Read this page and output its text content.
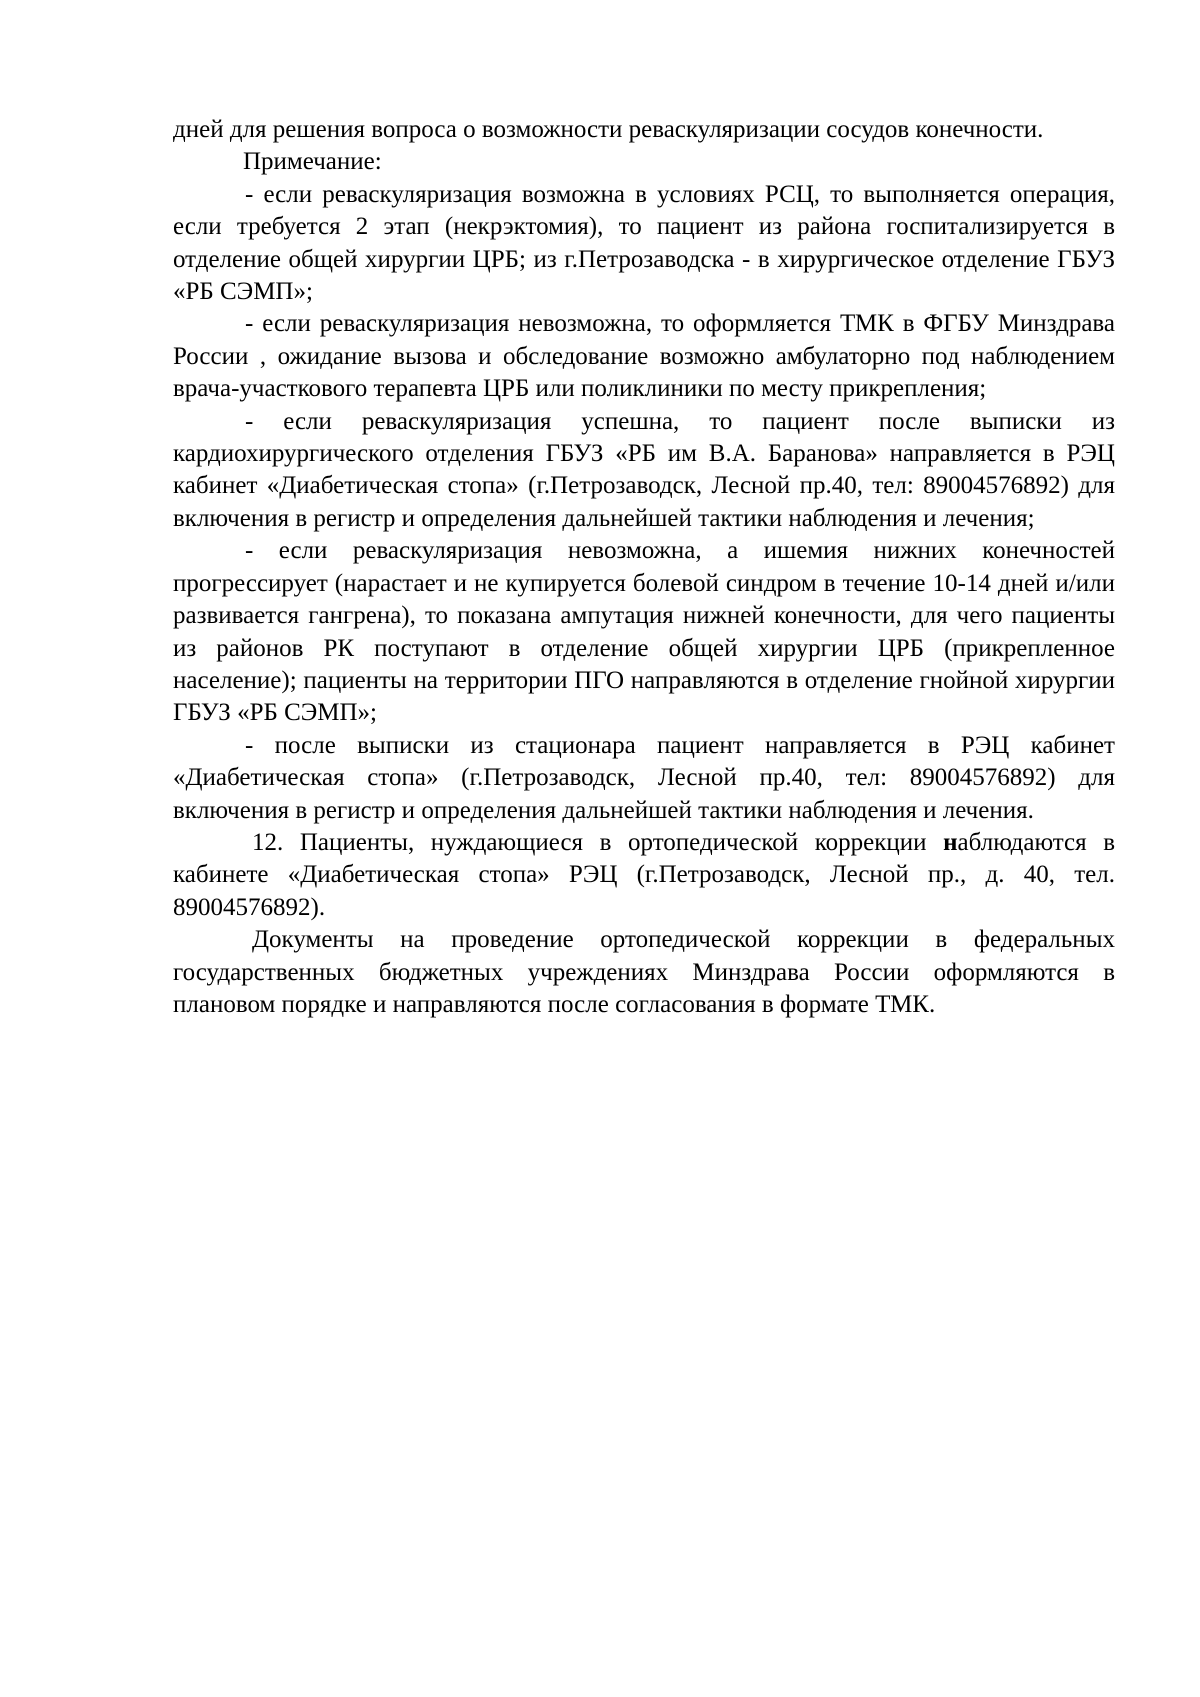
дней для решения вопроса о возможности реваскуляризации сосудов конечности.

Примечание:

- если реваскуляризация возможна в условиях РСЦ, то выполняется операция, если требуется 2 этап (некрэктомия), то пациент из района госпитализируется в отделение общей хирургии ЦРБ; из г.Петрозаводска - в хирургическое отделение ГБУЗ «РБ СЭМП»;

- если реваскуляризация невозможна, то оформляется ТМК в ФГБУ Минздрава России , ожидание вызова и обследование возможно амбулаторно под наблюдением врача-участкового терапевта ЦРБ или поликлиники по месту прикрепления;

- если реваскуляризация успешна, то пациент после выписки из кардиохирургического отделения ГБУЗ «РБ им В.А. Баранова» направляется в РЭЦ кабинет «Диабетическая стопа» (г.Петрозаводск, Лесной пр.40, тел: 89004576892) для включения в регистр и определения дальнейшей тактики наблюдения и лечения;

- если реваскуляризация невозможна, а ишемия нижних конечностей прогрессирует (нарастает и не купируется болевой синдром в течение 10-14 дней и/или развивается гангрена), то показана ампутация нижней конечности, для чего пациенты из районов РК поступают в отделение общей хирургии ЦРБ (прикрепленное население); пациенты на территории ПГО направляются в отделение гнойной хирургии ГБУЗ «РБ СЭМП»;

- после выписки из стационара пациент направляется в РЭЦ кабинет «Диабетическая стопа» (г.Петрозаводск, Лесной пр.40, тел: 89004576892) для включения в регистр и определения дальнейшей тактики наблюдения и лечения.

12. Пациенты, нуждающиеся в ортопедической коррекции наблюдаются в кабинете «Диабетическая стопа» РЭЦ (г.Петрозаводск, Лесной пр., д. 40, тел. 89004576892).

Документы на проведение ортопедической коррекции в федеральных государственных бюджетных учреждениях Минздрава России оформляются в плановом порядке и направляются после согласования в формате ТМК.
